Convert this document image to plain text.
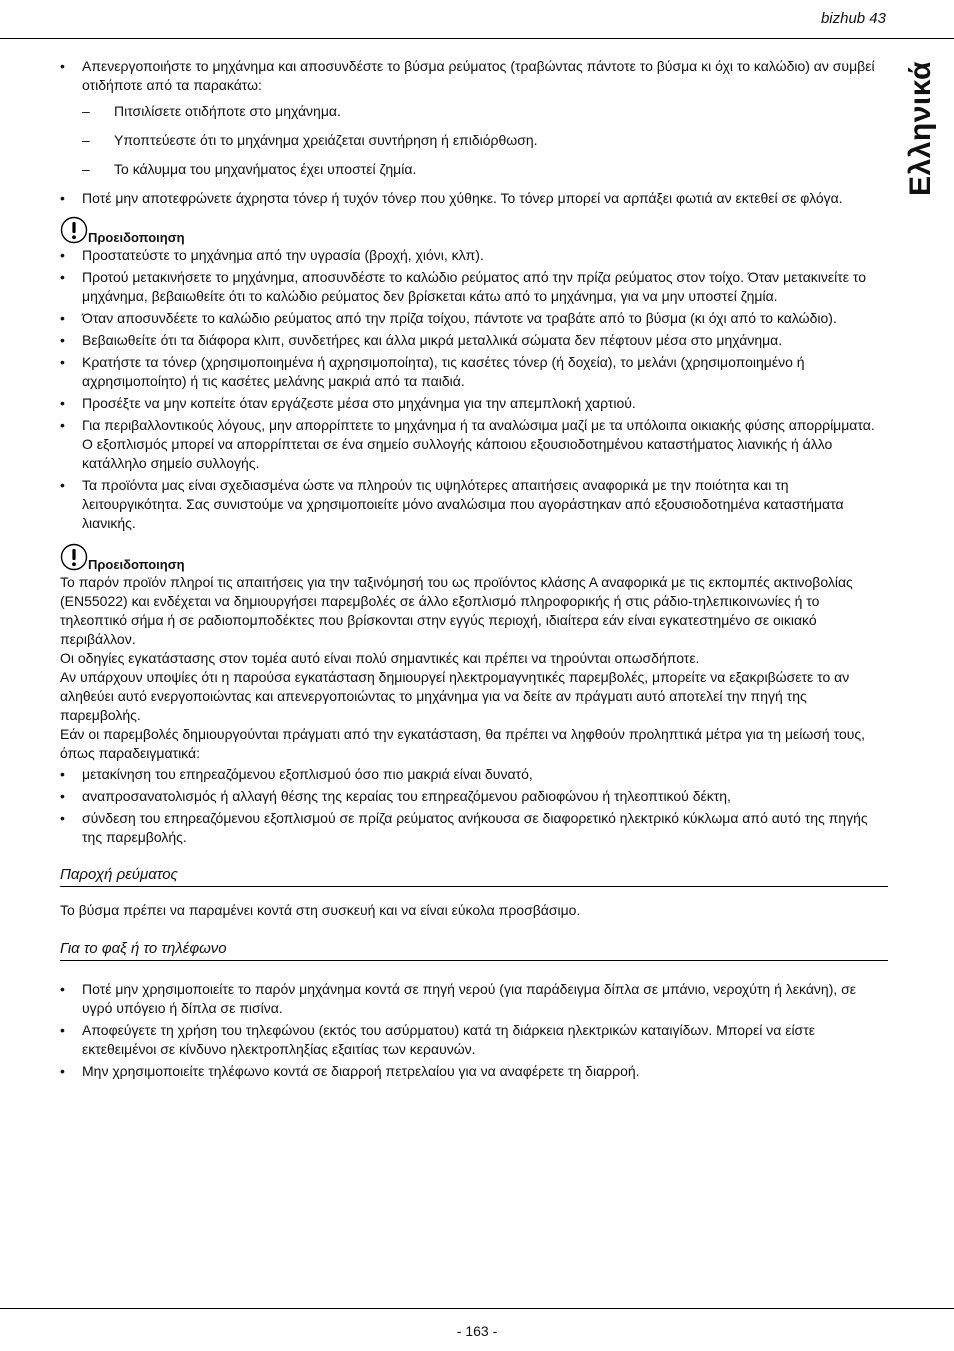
bizhub 43
Ελληνικά
• Απενεργοποιήστε το μηχάνημα και αποσυνδέστε το βύσμα ρεύματος (τραβώντας πάντοτε το βύσμα κι όχι το καλώδιο) αν συμβεί οτιδήποτε από τα παρακάτω:
– Πιτσιλίσετε οτιδήποτε στο μηχάνημα.
– Υποπτεύεστε ότι το μηχάνημα χρειάζεται συντήρηση ή επιδιόρθωση.
– Το κάλυμμα του μηχανήματος έχει υποστεί ζημία.
• Ποτέ μην αποτεφρώνετε άχρηστα τόνερ ή τυχόν τόνερ που χύθηκε. Το τόνερ μπορεί να αρπάξει φωτιά αν εκτεθεί σε φλόγα.
Προειδοποιηση
• Προστατεύστε το μηχάνημα από την υγρασία (βροχή, χιόνι, κλπ).
• Προτού μετακινήσετε το μηχάνημα, αποσυνδέστε το καλώδιο ρεύματος από την πρίζα ρεύματος στον τοίχο. Όταν μετακινείτε το μηχάνημα, βεβαιωθείτε ότι το καλώδιο ρεύματος δεν βρίσκεται κάτω από το μηχάνημα, για να μην υποστεί ζημία.
• Όταν αποσυνδέετε το καλώδιο ρεύματος από την πρίζα τοίχου, πάντοτε να τραβάτε από το βύσμα (κι όχι από το καλώδιο).
• Βεβαιωθείτε ότι τα διάφορα κλιπ, συνδετήρες και άλλα μικρά μεταλλικά σώματα δεν πέφτουν μέσα στο μηχάνημα.
• Κρατήστε τα τόνερ (χρησιμοποιημένα ή αχρησιμοποίητα), τις κασέτες τόνερ (ή δοχεία), το μελάνι (χρησιμοποιημένο ή αχρησιμοποίητο) ή τις κασέτες μελάνης μακριά από τα παιδιά.
• Προσέξτε να μην κοπείτε όταν εργάζεστε μέσα στο μηχάνημα για την απεμπλοκή χαρτιού.
• Για περιβαλλοντικούς λόγους, μην απορρίπτετε το μηχάνημα ή τα αναλώσιμα μαζί με τα υπόλοιπα οικιακής φύσης απορρίμματα. Ο εξοπλισμός μπορεί να απορρίπτεται σε ένα σημείο συλλογής κάποιου εξουσιοδοτημένου καταστήματος λιανικής ή άλλο κατάλληλο σημείο συλλογής.
• Τα προϊόντα μας είναι σχεδιασμένα ώστε να πληρούν τις υψηλότερες απαιτήσεις αναφορικά με την ποιότητα και τη λειτουργικότητα. Σας συνιστούμε να χρησιμοποιείτε μόνο αναλώσιμα που αγοράστηκαν από εξουσιοδοτημένα καταστήματα λιανικής.
Προειδοποιηση

Το παρόν προϊόν πληροί τις απαιτήσεις για την ταξινόμησή του ως προϊόντος κλάσης Α αναφορικά με τις εκπομπές ακτινοβολίας (EN55022) και ενδέχεται να δημιουργήσει παρεμβολές σε άλλο εξοπλισμό πληροφορικής ή στις ράδιο-τηλεπικοινωνίες ή το τηλεοπτικό σήμα ή σε ραδιοπομποδέκτες που βρίσκονται στην εγγύς περιοχή, ιδιαίτερα εάν είναι εγκατεστημένο σε οικιακό περιβάλλον.

Οι οδηγίες εγκατάστασης στον τομέα αυτό είναι πολύ σημαντικές και πρέπει να τηρούνται οπωσδήποτε.

Αν υπάρχουν υποψίες ότι η παρούσα εγκατάσταση δημιουργεί ηλεκτρομαγνητικές παρεμβολές, μπορείτε να εξακριβώσετε το αν αληθεύει αυτό ενεργοποιώντας και απενεργοποιώντας το μηχάνημα για να δείτε αν πράγματι αυτό αποτελεί την πηγή της παρεμβολής.

Εάν οι παρεμβολές δημιουργούνται πράγματι από την εγκατάσταση, θα πρέπει να ληφθούν προληπτικά μέτρα για τη μείωσή τους, όπως παραδειγματικά:

• μετακίνηση του επηρεαζόμενου εξοπλισμού όσο πιο μακριά είναι δυνατό,
• αναπροσανατολισμός ή αλλαγή θέσης της κεραίας του επηρεαζόμενου ραδιοφώνου ή τηλεοπτικού δέκτη,
• σύνδεση του επηρεαζόμενου εξοπλισμού σε πρίζα ρεύματος ανήκουσα σε διαφορετικό ηλεκτρικό κύκλωμα από αυτό της πηγής της παρεμβολής.
Παροχή ρεύματος

Το βύσμα πρέπει να παραμένει κοντά στη συσκευή και να είναι εύκολα προσβάσιμο.

Για το φαξ ή το τηλέφωνο
• Ποτέ μην χρησιμοποιείτε το παρόν μηχάνημα κοντά σε πηγή νερού (για παράδειγμα δίπλα σε μπάνιο, νεροχύτη ή λεκάνη), σε υγρό υπόγειο ή δίπλα σε πισίνα.
• Αποφεύγετε τη χρήση του τηλεφώνου (εκτός του ασύρματου) κατά τη διάρκεια ηλεκτρικών καταιγίδων. Μπορεί να είστε εκτεθειμένοι σε κίνδυνο ηλεκτροπληξίας εξαιτίας των κεραυνών.
• Μην χρησιμοποιείτε τηλέφωνο κοντά σε διαρροή πετρελαίου για να αναφέρετε τη διαρροή.
- 163 -
